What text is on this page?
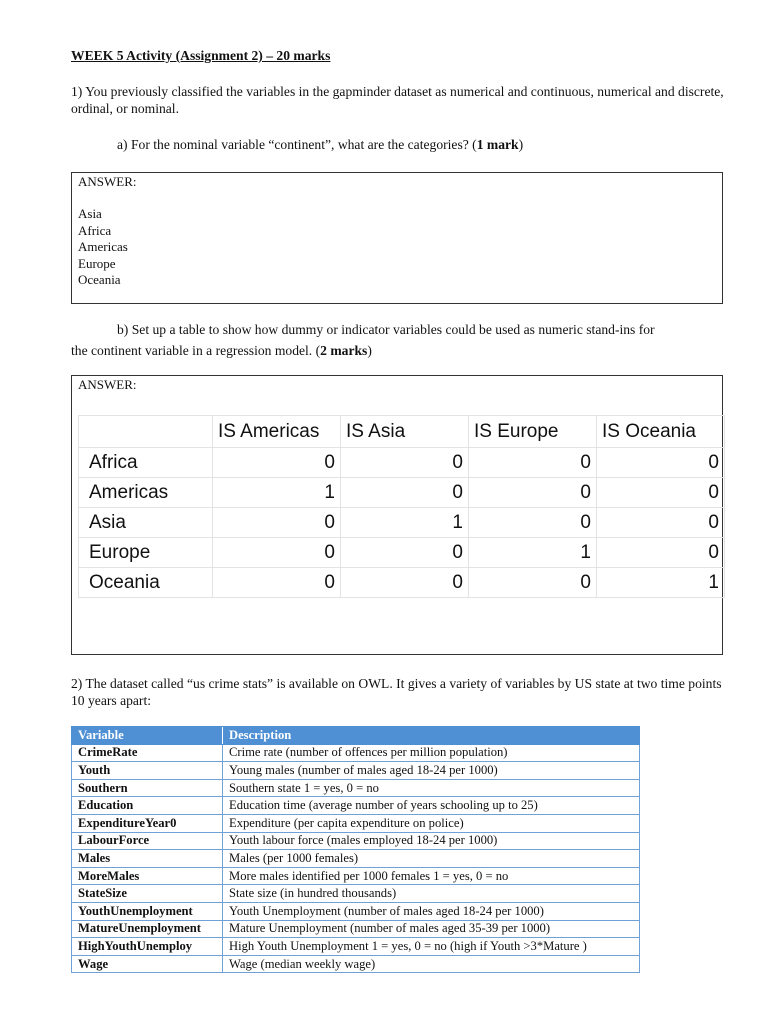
WEEK 5 Activity (Assignment 2) – 20 marks
1) You previously classified the variables in the gapminder dataset as numerical and continuous, numerical and discrete, ordinal, or nominal.
a) For the nominal variable “continent”, what are the categories? (1 mark)
ANSWER:
Asia
Africa
Americas
Europe
Oceania
b) Set up a table to show how dummy or indicator variables could be used as numeric stand-ins for
the continent variable in a regression model. (2 marks)
ANSWER:
	IS Americas	IS Asia	IS Europe	IS Oceania
Africa	0	0	0	0
Americas	1	0	0	0
Asia	0	1	0	0
Europe	0	0	1	0
Oceania	0	0	0	1
2) The dataset called “us crime stats” is available on OWL. It gives a variety of variables by US state at two time points 10 years apart:
Variable	Description
CrimeRate	Crime rate (number of offences per million population)
Youth	Young males (number of males aged 18-24 per 1000)
Southern	Southern state 1 = yes, 0 = no
Education	Education time (average number of years schooling up to 25)
ExpenditureYear0	Expenditure (per capita expenditure on police)
LabourForce	Youth labour force (males employed 18-24 per 1000)
Males	Males (per 1000 females)
MoreMales	More males identified per 1000 females 1 = yes, 0 = no
StateSize	State size (in hundred thousands)
YouthUnemployment	Youth Unemployment (number of males aged 18-24 per 1000)
MatureUnemployment	Mature Unemployment (number of males aged 35-39 per 1000)
HighYouthUnemploy	High Youth Unemployment 1 = yes, 0 = no (high if Youth >3*Mature )
Wage	Wage (median weekly wage)
